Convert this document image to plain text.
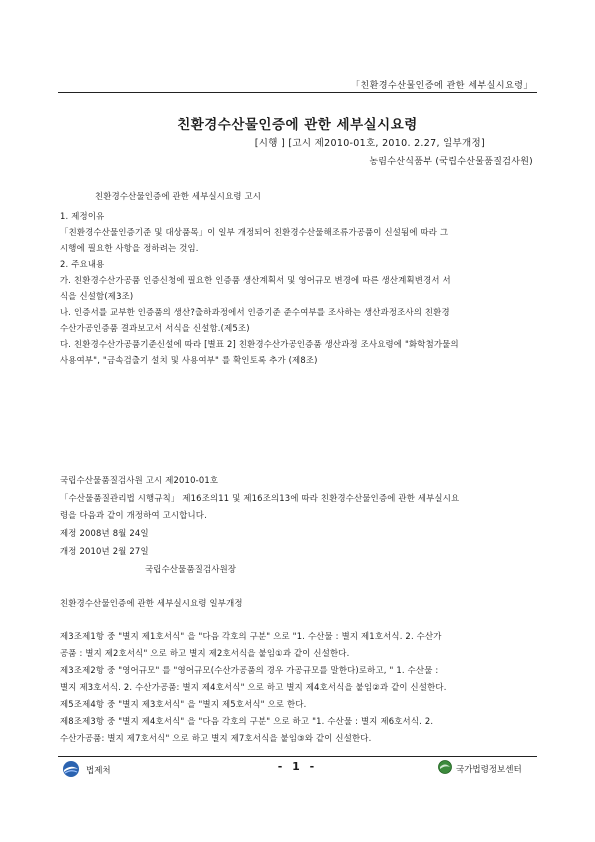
「친환경수산물인증에 관한 세부실시요령」
친환경수산물인증에 관한 세부실시요령
[시행 ] [고시 제2010-01호, 2010. 2.27, 일부개정]
농림수산식품부 (국립수산물품질검사원)
친환경수산물인증에 관한 세부실시요령 고시
1. 제정이유
「친환경수산물인증기준 및 대상품목」이 일부 개정되어 친환경수산물해조류가공품이 신설됨에 따라 그
시행에 필요한 사항을 정하려는 것임.
2. 주요내용
가. 친환경수산가공품 인증신청에 필요한 인증품 생산계획서 및 영어규모 변경에 따른 생산계획변경서 서
식을 신설함(제3조)
나. 인증서를 교부한 인증품의 생산?출하과정에서 인증기준 준수여부를 조사하는 생산과정조사의 친환경
수산가공인증품 결과보고서 서식을 신설함.(제5조)
다. 친환경수산가공품기준신설에 따라 [별표 2] 친환경수산가공인증품 생산과정 조사요령에 "화학첨가물의
사용여부", "금속검출기 설치 및 사용여부" 를 확인토록 추가 (제8조)
국립수산물품질검사원 고시 제2010-01호
「수산물품질관리법 시행규칙」 제16조의11 및 제16조의13에 따라 친환경수산물인증에 관한 세부실시요
령을 다음과 같이 개정하여 고시합니다.
제정 2008년 8월 24일
개정 2010년 2월 27일
국립수산물품질검사원장
친환경수산물인증에 관한 세부실시요령 일부개정
제3조제1항 중 "별지 제1호서식" 을 "다음 각호의 구분" 으로 "1. 수산물 : 별지 제1호서식. 2. 수산가
공품 : 별지 제2호서식" 으로 하고 별지 제2호서식을 붙임①과 같이 신설한다.
제3조제2항 중 "영어규모" 를 "영어규모(수산가공품의 경우 가공규모를 말한다)로하고, " 1. 수산물 :
별지 제3호서식. 2. 수산가공품: 별지 제4호서식" 으로 하고 별지 제4호서식을 붙임②과 같이 신설한다.
제5조제4항 중 "별지 제3호서식" 을 "별지 제5호서식" 으로 한다.
제8조제3항 중 "별지 제4호서식" 을 "다음 각호의 구분" 으로 하고 "1. 수산물 : 별지 제6호서식. 2.
수산가공품: 별지 제7호서식" 으로 하고 별지 제7호서식을 붙임③와 같이 신설한다.
법제처	- 1 -	국가법령정보센터
